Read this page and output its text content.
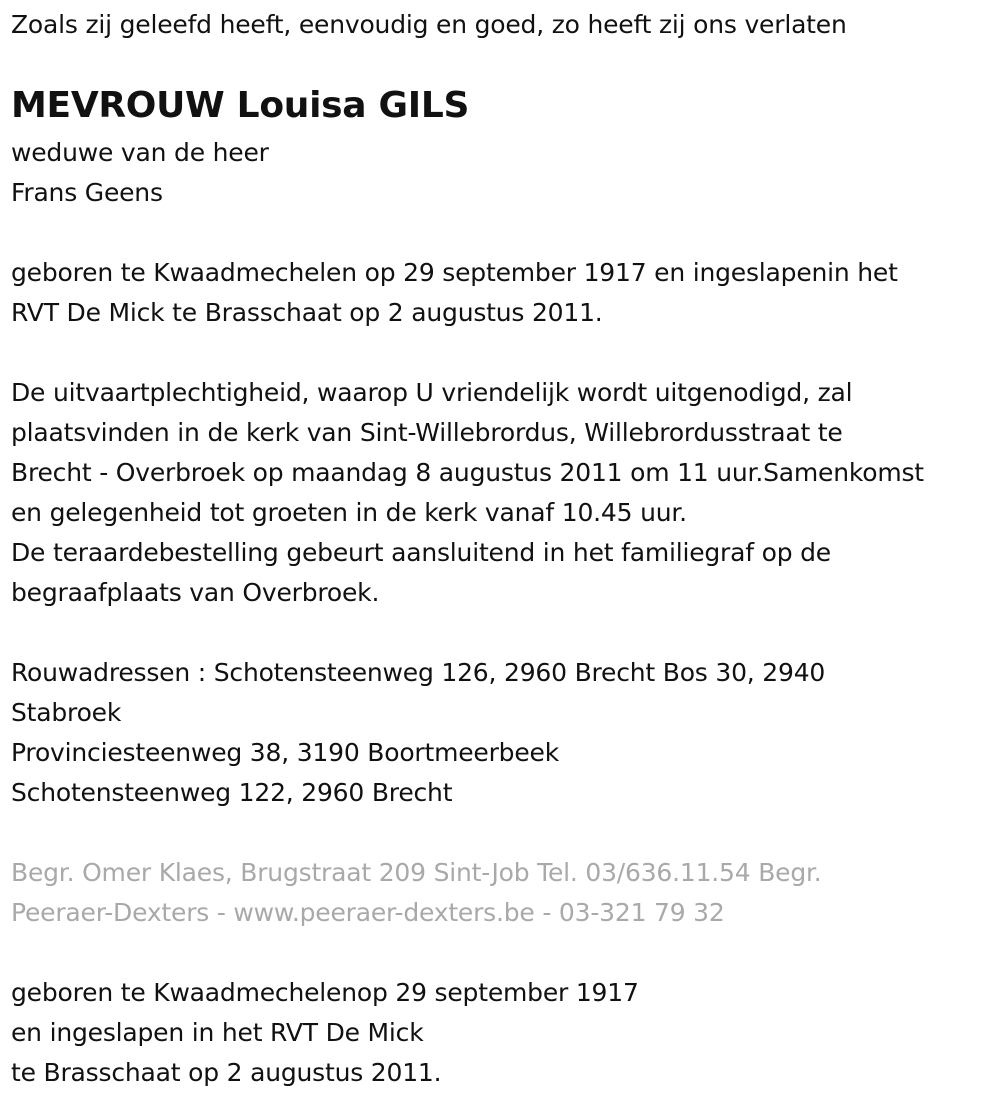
Zoals zij geleefd heeft, eenvoudig en goed, zo heeft zij ons verlaten
MEVROUW Louisa GILS
weduwe van de heer
Frans Geens
geboren te Kwaadmechelen op 29 september 1917 en ingeslapenin het
RVT De Mick te Brasschaat op 2 augustus 2011.
De uitvaartplechtigheid, waarop U vriendelijk wordt uitgenodigd, zal
plaatsvinden in de kerk van Sint-Willebrordus, Willebrordusstraat te
Brecht - Overbroek op maandag 8 augustus 2011 om 11 uur.Samenkomst
en gelegenheid tot groeten in de kerk vanaf 10.45 uur.
De teraardebestelling gebeurt aansluitend in het familiegraf op de
begraafplaats van Overbroek.
Rouwadressen : Schotensteenweg 126, 2960 Brecht Bos 30, 2940
Stabroek
Provinciesteenweg 38, 3190 Boortmeerbeek
Schotensteenweg 122, 2960 Brecht
Begr. Omer Klaes, Brugstraat 209 Sint-Job Tel. 03/636.11.54 Begr.
Peeraer-Dexters - www.peeraer-dexters.be - 03-321 79 32
geboren te Kwaadmechelenop 29 september 1917
en ingeslapen in het RVT De Mick
te Brasschaat op 2 augustus 2011.
